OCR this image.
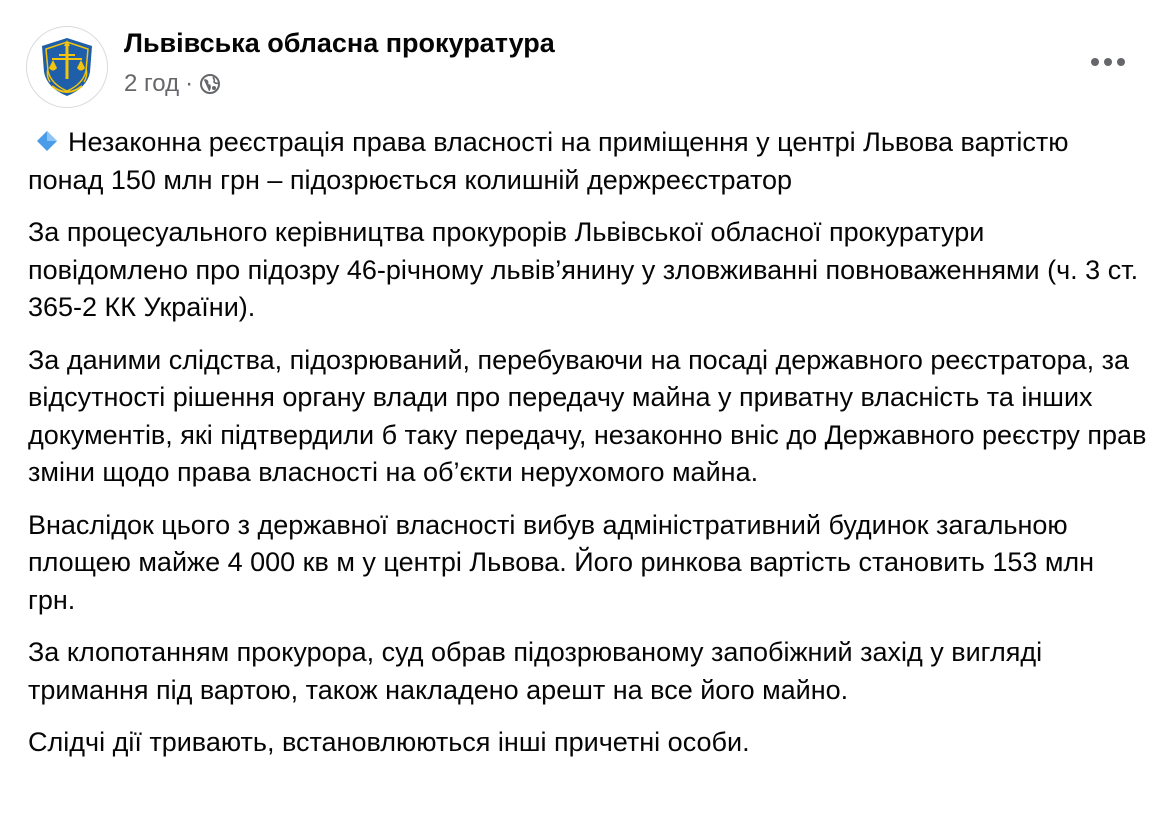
Львівська обласна прокуратура
2 год ·

Незаконна реєстрація права власності на приміщення у центрі Львова вартістю понад 150 млн грн – підозрюється колишній держреєстратор

За процесуального керівництва прокурорів Львівської обласної прокуратури повідомлено про підозру 46-річному львів’янину у зловживанні повноваженнями (ч. 3 ст. 365-2 КК України).

За даними слідства, підозрюваний, перебуваючи на посаді державного реєстратора, за відсутності рішення органу влади про передачу майна у приватну власність та інших документів, які підтвердили б таку передачу, незаконно вніс до Державного реєстру прав зміни щодо права власності на об’єкти нерухомого майна.

Внаслідок цього з державної власності вибув адміністративний будинок загальною площею майже 4 000 кв м у центрі Львова. Його ринкова вартість становить 153 млн грн.

За клопотанням прокурора, суд обрав підозрюваному запобіжний захід у вигляді тримання під вартою, також накладено арешт на все його майно.

Слідчі дії тривають, встановлюються інші причетні особи.
